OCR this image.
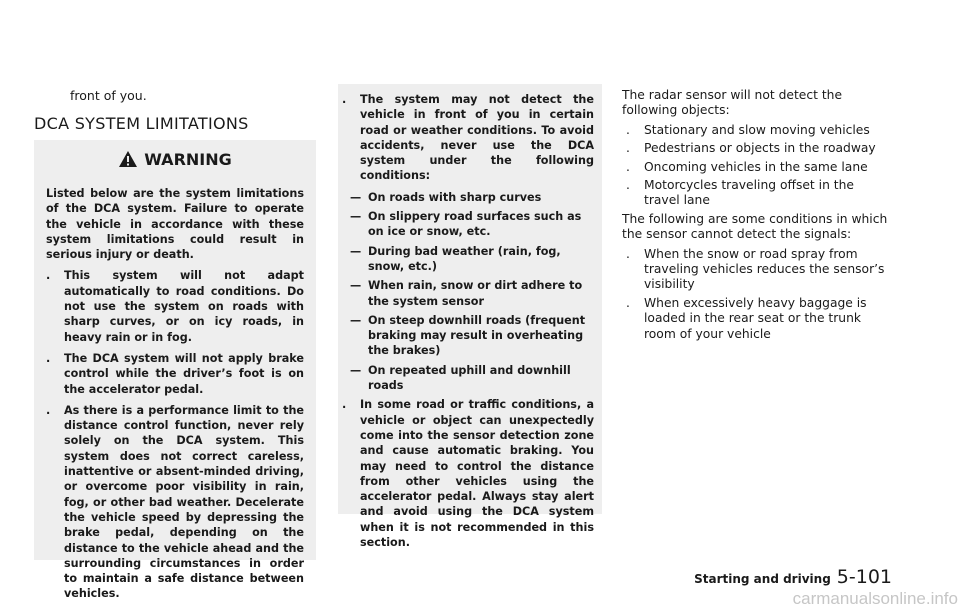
front of you.
DCA SYSTEM LIMITATIONS
WARNING

Listed below are the system limitations of the DCA system. Failure to operate the vehicle in accordance with these system limitations could result in serious injury or death.

. This system will not adapt automatically to road conditions. Do not use the system on roads with sharp curves, or on icy roads, in heavy rain or in fog.
. The DCA system will not apply brake control while the driver’s foot is on the accelerator pedal.
. As there is a performance limit to the distance control function, never rely solely on the DCA system. This system does not correct careless, inattentive or absent-minded driving, or overcome poor visibility in rain, fog, or other bad weather. Decelerate the vehicle speed by depressing the brake pedal, depending on the distance to the vehicle ahead and the surrounding circumstances in order to maintain a safe distance between vehicles.
. The system may not detect the vehicle in front of you in certain road or weather conditions. To avoid accidents, never use the DCA system under the following conditions:
— On roads with sharp curves
— On slippery road surfaces such as on ice or snow, etc.
— During bad weather (rain, fog, snow, etc.)
— When rain, snow or dirt adhere to the system sensor
— On steep downhill roads (frequent braking may result in overheating the brakes)
— On repeated uphill and downhill roads
. In some road or traffic conditions, a vehicle or object can unexpectedly come into the sensor detection zone and cause automatic braking. You may need to control the distance from other vehicles using the accelerator pedal. Always stay alert and avoid using the DCA system when it is not recommended in this section.

The radar sensor will not detect the following objects:

. Stationary and slow moving vehicles
. Pedestrians or objects in the roadway
. Oncoming vehicles in the same lane
. Motorcycles traveling offset in the travel lane

The following are some conditions in which the sensor cannot detect the signals:

. When the snow or road spray from traveling vehicles reduces the sensor’s visibility
. When excessively heavy baggage is loaded in the rear seat or the trunk room of your vehicle
Starting and driving 5-101
carmanualsonline.info
